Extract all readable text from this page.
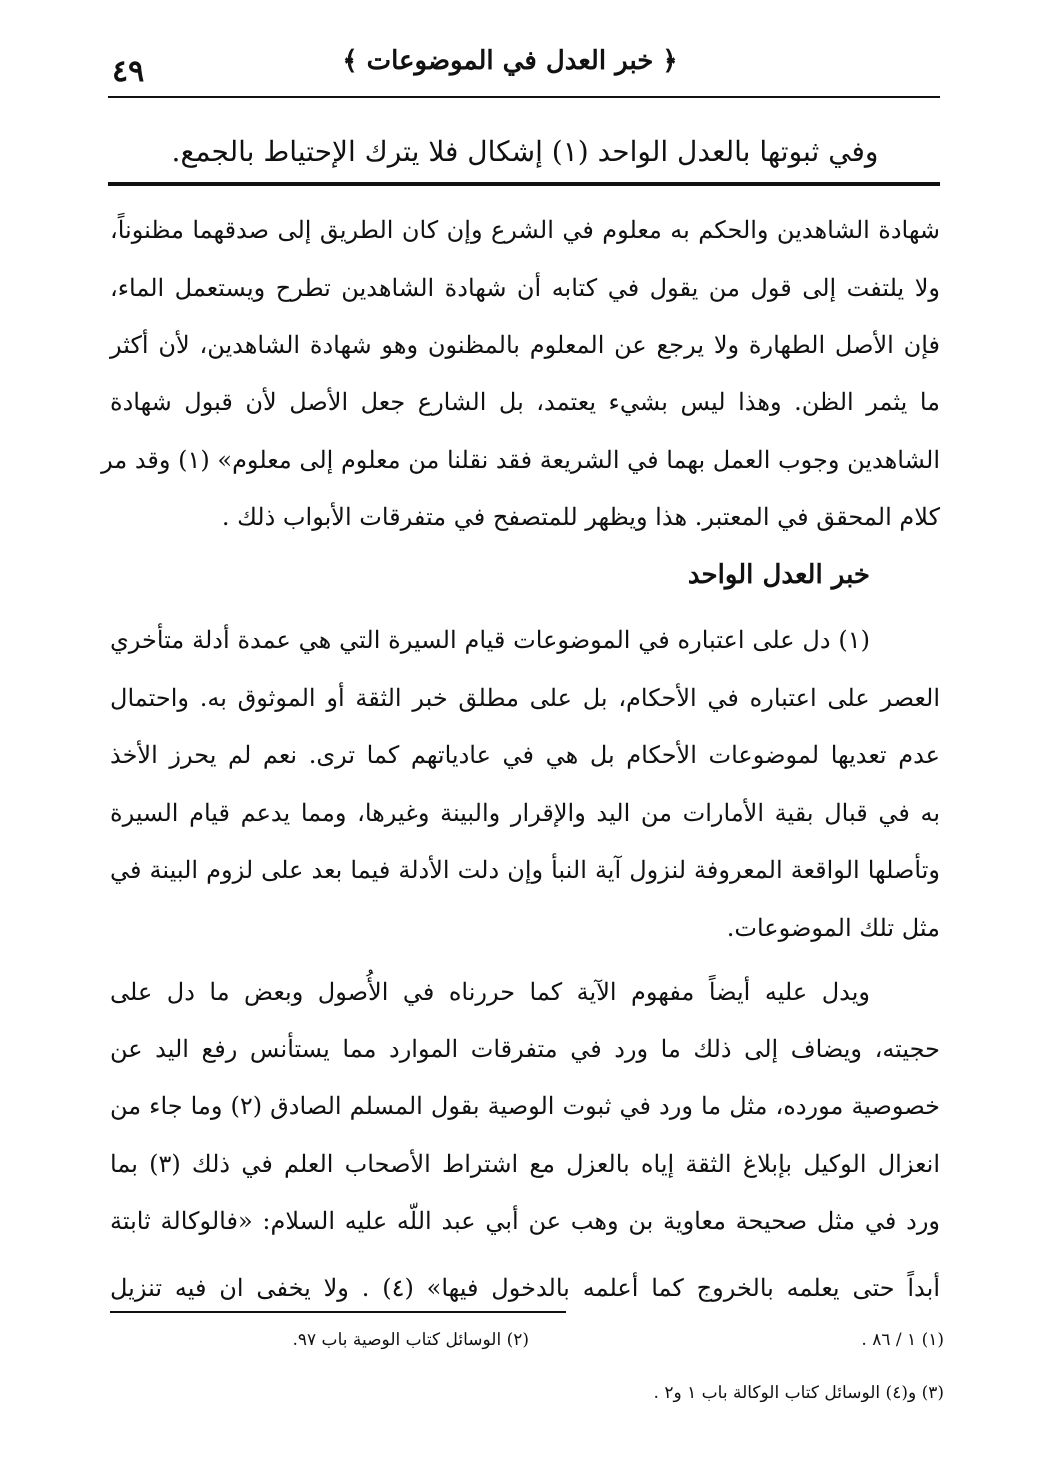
٤٩	﴿ خبر العدل في الموضوعات ﴾
وفي ثبوتها بالعدل الواحد (١) إشكال فلا يترك الإحتياط بالجمع.
شهادة الشاهدين والحكم به معلوم في الشرع وإن كان الطريق إلى صدقهما مظنوناً،
ولا يلتفت إلى قول من يقول في كتابه أن شهادة الشاهدين تطرح ويستعمل الماء،
فإن الأصل الطهارة ولا يرجع عن المعلوم بالمظنون وهو شهادة الشاهدين، لأن أكثر
ما يثمر الظن. وهذا ليس بشيء يعتمد، بل الشارع جعل الأصل لأن قبول شهادة
الشاهدين وجوب العمل بهما في الشريعة فقد نقلنا من معلوم إلى معلوم» (١) وقد مر
كلام المحقق في المعتبر. هذا ويظهر للمتصفح في متفرقات الأبواب ذلك .
خبر العدل الواحد
(١) دل على اعتباره في الموضوعات قيام السيرة التي هي عمدة أدلة متأخري
العصر على اعتباره في الأحكام، بل على مطلق خبر الثقة أو الموثوق به. واحتمال
عدم تعديها لموضوعات الأحكام بل هي في عادياتهم كما ترى. نعم لم يحرز الأخذ
به في قبال بقية الأمارات من اليد والإقرار والبينة وغيرها، ومما يدعم قيام السيرة
وتأصلها الواقعة المعروفة لنزول آية النبأ وإن دلت الأدلة فيما بعد على لزوم البينة في
مثل تلك الموضوعات.
ويدل عليه أيضاً مفهوم الآية كما حررناه في الأُصول وبعض ما دل على
حجيته، ويضاف إلى ذلك ما ورد في متفرقات الموارد مما يستأنس رفع اليد عن
خصوصية مورده، مثل ما ورد في ثبوت الوصية بقول المسلم الصادق (٢) وما جاء من
انعزال الوكيل بإبلاغ الثقة إياه بالعزل مع اشتراط الأصحاب العلم في ذلك (٣) بما
ورد في مثل صحيحة معاوية بن وهب عن أبي عبد اللّه عليه السلام: «فالوكالة ثابتة
أبداً حتى يعلمه بالخروج كما أعلمه بالدخول فيها» (٤) . ولا يخفى ان فيه تنزيل
(١) ١ / ٨٦ .
(٢) الوسائل كتاب الوصية باب ٩٧.
(٣) و(٤) الوسائل كتاب الوكالة باب ١ و٢ .
